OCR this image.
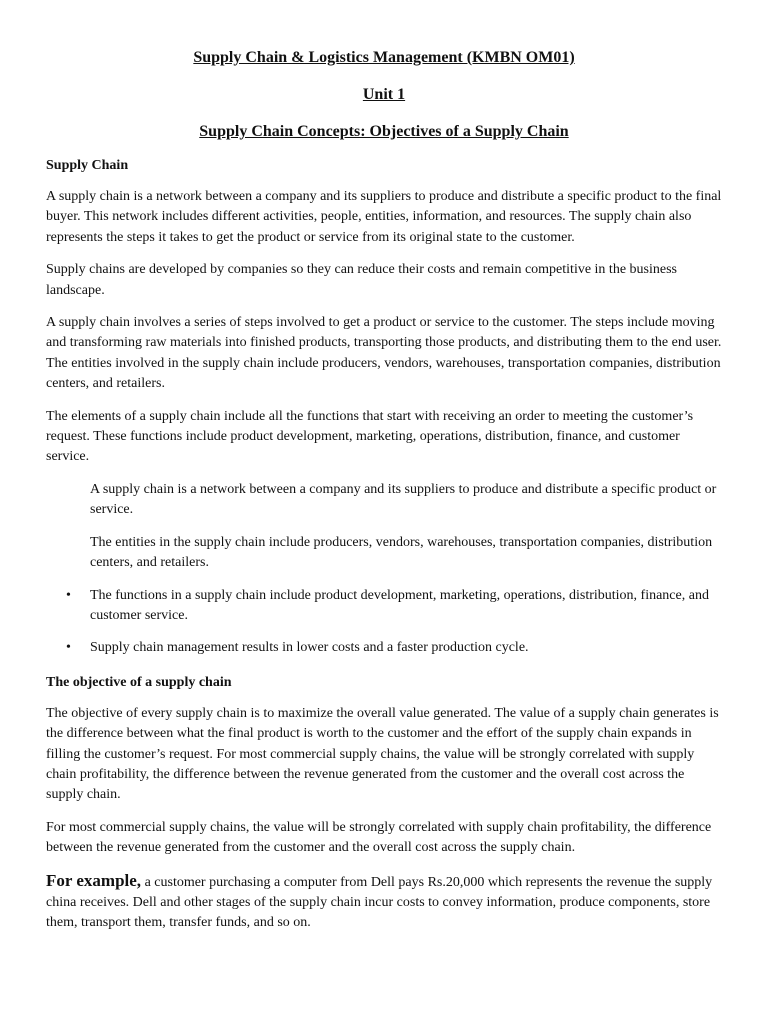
Supply Chain & Logistics Management (KMBN OM01)
Unit 1
Supply Chain Concepts: Objectives of a Supply Chain
Supply Chain

A supply chain is a network between a company and its suppliers to produce and distribute a specific product to the final buyer. This network includes different activities, people, entities, information, and resources. The supply chain also represents the steps it takes to get the product or service from its original state to the customer.

Supply chains are developed by companies so they can reduce their costs and remain competitive in the business landscape.

A supply chain involves a series of steps involved to get a product or service to the customer. The steps include moving and transforming raw materials into finished products, transporting those products, and distributing them to the end user. The entities involved in the supply chain include producers, vendors, warehouses, transportation companies, distribution centers, and retailers.

The elements of a supply chain include all the functions that start with receiving an order to meeting the customer’s request. These functions include product development, marketing, operations, distribution, finance, and customer service.

A supply chain is a network between a company and its suppliers to produce and distribute a specific product or service.

The entities in the supply chain include producers, vendors, warehouses, transportation companies, distribution centers, and retailers.

• The functions in a supply chain include product development, marketing, operations, distribution, finance, and customer service.
• Supply chain management results in lower costs and a faster production cycle.
The objective of a supply chain

The objective of every supply chain is to maximize the overall value generated. The value of a supply chain generates is the difference between what the final product is worth to the customer and the effort of the supply chain expands in filling the customer’s request. For most commercial supply chains, the value will be strongly correlated with supply chain profitability, the difference between the revenue generated from the customer and the overall cost across the supply chain.

For most commercial supply chains, the value will be strongly correlated with supply chain profitability, the difference between the revenue generated from the customer and the overall cost across the supply chain.

For example, a customer purchasing a computer from Dell pays Rs.20,000 which represents the revenue the supply china receives. Dell and other stages of the supply chain incur costs to convey information, produce components, store them, transport them, transfer funds, and so on.
